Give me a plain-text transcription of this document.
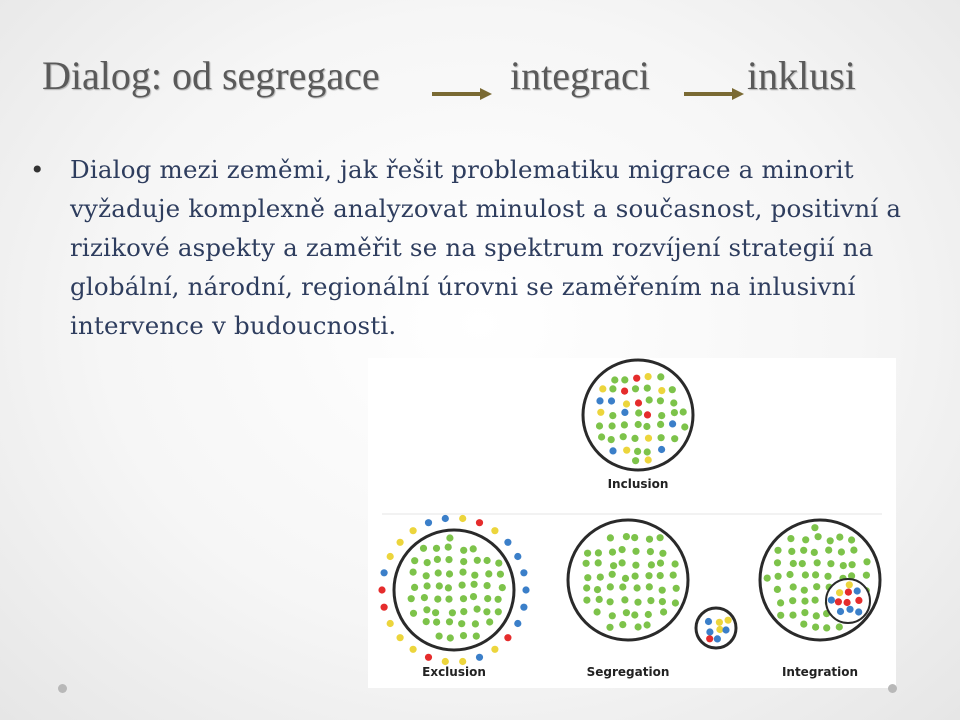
Dialog: od segregace	integraci inklusi
• Dialog mezi zeměmi, jak řešit problematiku migrace a minorit vyžaduje komplexně analyzovat minulost a současnost, positivní a rizikové aspekty a zaměřit se na spektrum rozvíjení strategií na globální, národní, regionální úrovni se zaměřením na inlusivní intervence v budoucnosti.
Inclusion
Exclusion	Segregation	Integration
